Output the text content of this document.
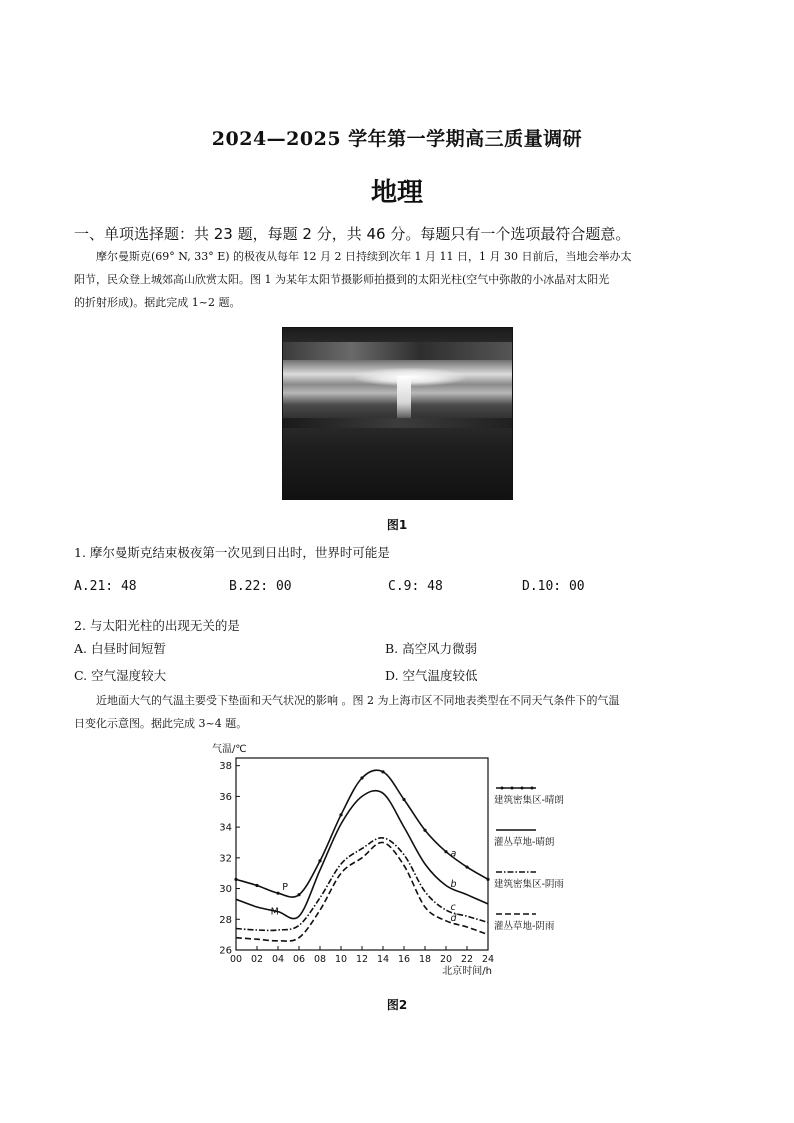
2024—2025 学年第一学期高三质量调研
地理
一、单项选择题：共 23 题，每题 2 分，共 46 分。每题只有一个选项最符合题意。
摩尔曼斯克(69° N, 33° E) 的极夜从每年 12 月 2 日持续到次年 1 月 11 日，1 月 30 日前后，当地会举办太
阳节，民众登上城郊高山欣赏太阳。图 1 为某年太阳节摄影师拍摄到的太阳光柱(空气中弥散的小冰晶对太阳光
的折射形成)。据此完成 1~2 题。
图1
1. 摩尔曼斯克结束极夜第一次见到日出时，世界时可能是
A.21: 48	B.22: 00	C.9: 48	D.10: 00
2. 与太阳光柱的出现无关的是
A. 白昼时间短暂	B. 高空风力微弱
C. 空气湿度较大	D. 空气温度较低
近地面大气的气温主要受下垫面和天气状况的影响 。图 2 为上海市区不同地表类型在不同天气条件下的气温
日变化示意图。据此完成 3~4 题。
26
28
30
32
34
36
38
00 02 04 06 08 10 12 14 16 18 20 22 24
气温/℃
北京时间/h
a
b
c
d
P
M
建筑密集区-晴朗
灌丛草地-晴朗
建筑密集区-阴雨
灌丛草地-阴雨
图2
